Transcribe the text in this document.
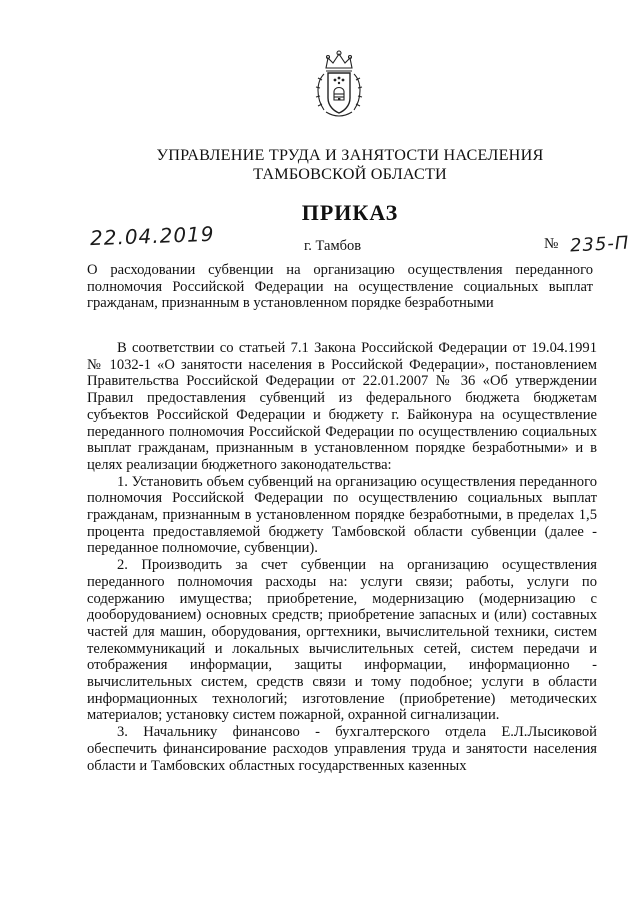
УПРАВЛЕНИЕ ТРУДА И ЗАНЯТОСТИ НАСЕЛЕНИЯ
ТАМБОВСКОЙ ОБЛАСТИ
ПРИКАЗ
22.04.2019	г. Тамбов	№ 235-П
О расходовании субвенции на организацию осуществления переданного полномочия Российской Федерации на осуществление социальных выплат гражданам, признанным в установленном порядке безработными

В соответствии со статьей 7.1 Закона Российской Федерации от 19.04.1991 № 1032-1 «О занятости населения в Российской Федерации», постановлением Правительства Российской Федерации от 22.01.2007 № 36 «Об утверждении Правил предоставления субвенций из федерального бюджета бюджетам субъектов Российской Федерации и бюджету г. Байконура на осуществление переданного полномочия Российской Федерации по осуществлению социальных выплат гражданам, признанным в установленном порядке безработными» и в целях реализации бюджетного законодательства:

1. Установить объем субвенций на организацию осуществления переданного полномочия Российской Федерации по осуществлению социальных выплат гражданам, признанным в установленном порядке безработными, в пределах 1,5 процента предоставляемой бюджету Тамбовской области субвенции (далее - переданное полномочие, субвенции).

2. Производить за счет субвенции на организацию осуществления переданного полномочия расходы на: услуги связи; работы, услуги по содержанию имущества; приобретение, модернизацию (модернизацию с дооборудованием) основных средств; приобретение запасных и (или) составных частей для машин, оборудования, оргтехники, вычислительной техники, систем телекоммуникаций и локальных вычислительных сетей, систем передачи и отображения информации, защиты информации, информационно - вычислительных систем, средств связи и тому подобное; услуги в области информационных технологий; изготовление (приобретение) методических материалов; установку систем пожарной, охранной сигнализации.

3. Начальнику финансово - бухгалтерского отдела Е.Л.Лысиковой обеспечить финансирование расходов управления труда и занятости населения области и Тамбовских областных государственных казенных
